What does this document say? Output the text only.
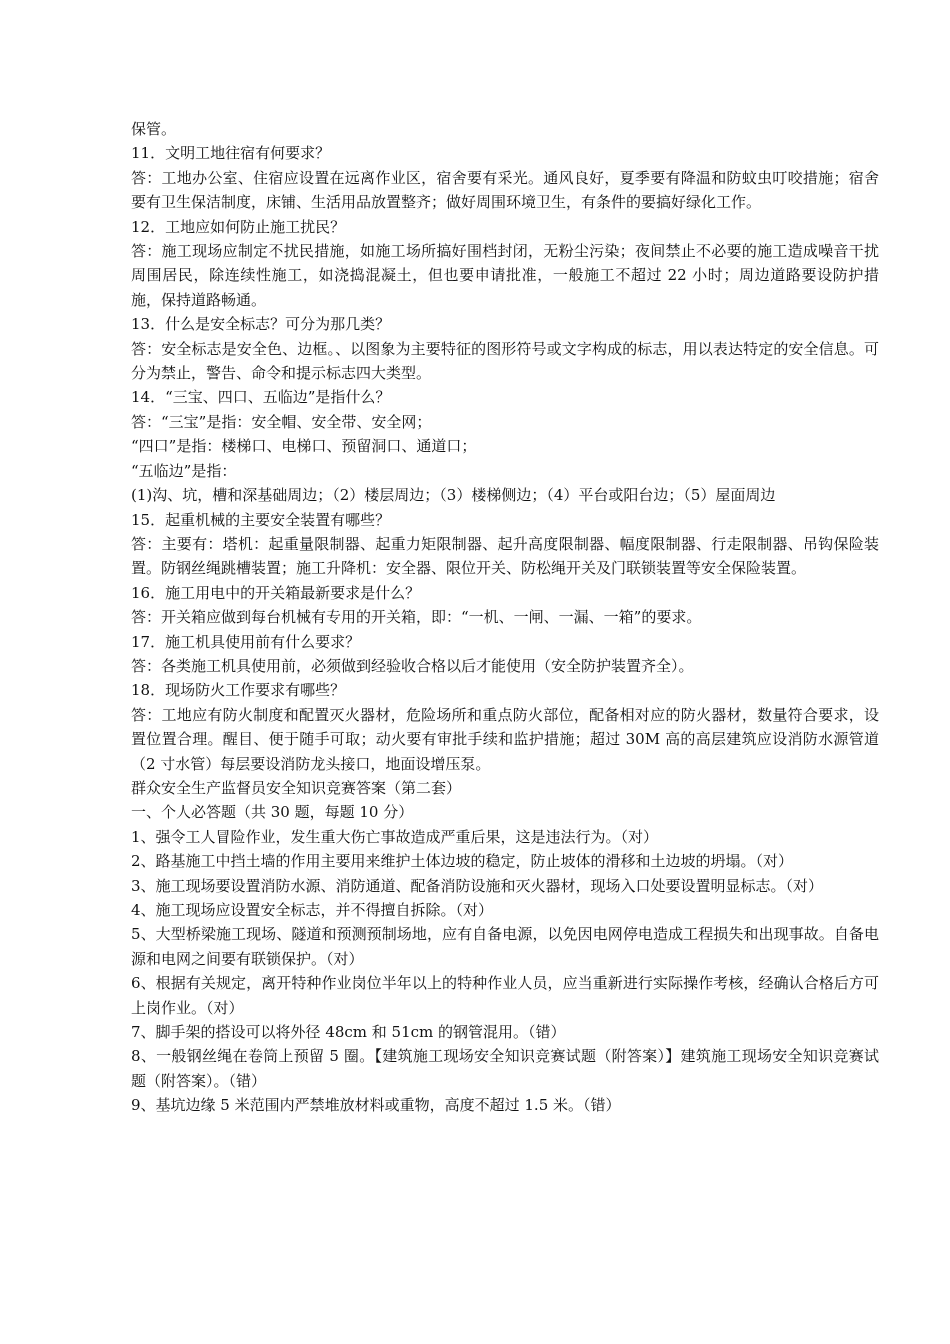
保管。

11．文明工地往宿有何要求？

答：工地办公室、住宿应设置在远离作业区，宿舍要有采光。通风良好，夏季要有降温和防蚊虫叮咬措施；宿舍要有卫生保洁制度，床铺、生活用品放置整齐；做好周围环境卫生，有条件的要搞好绿化工作。

12．工地应如何防止施工扰民？

答：施工现场应制定不扰民措施，如施工场所搞好围档封闭，无粉尘污染；夜间禁止不必要的施工造成噪音干扰周围居民，除连续性施工，如浇捣混凝土，但也要申请批准，一般施工不超过 22 小时；周边道路要设防护措施，保持道路畅通。

13．什么是安全标志？可分为那几类？

答：安全标志是安全色、边框。、以图象为主要特征的图形符号或文字构成的标志，用以表达特定的安全信息。可分为禁止，警告、命令和提示标志四大类型。

14．“三宝、四口、五临边”是指什么？

答：“三宝”是指：安全帽、安全带、安全网；

“四口”是指：楼梯口、电梯口、预留洞口、通道口；

“五临边”是指：

(1)沟、坑，槽和深基础周边；（2）楼层周边；（3）楼梯侧边；（4）平台或阳台边；（5）屋面周边

15．起重机械的主要安全装置有哪些？

答：主要有：塔机：起重量限制器、起重力矩限制器、起升高度限制器、幅度限制器、行走限制器、吊钩保险装置。防钢丝绳跳槽装置；施工升降机：安全器、限位开关、防松绳开关及门联锁装置等安全保险装置。

16．施工用电中的开关箱最新要求是什么？

答：开关箱应做到每台机械有专用的开关箱，即：“一机、一闸、一漏、一箱”的要求。

17．施工机具使用前有什么要求？

答：各类施工机具使用前，必须做到经验收合格以后才能使用（安全防护装置齐全）。

18．现场防火工作要求有哪些？

答：工地应有防火制度和配置灭火器材，危险场所和重点防火部位，配备相对应的防火器材，数量符合要求，设置位置合理。醒目、便于随手可取；动火要有审批手续和监护措施；超过 30M 高的高层建筑应设消防水源管道（2 寸水管）每层要设消防龙头接口，地面设增压泵。

群众安全生产监督员安全知识竞赛答案（第二套）

一、个人必答题（共 30 题，每题 10 分）

1、强令工人冒险作业，发生重大伤亡事故造成严重后果，这是违法行为。（对）

2、路基施工中挡土墙的作用主要用来维护土体边坡的稳定，防止坡体的滑移和土边坡的坍塌。（对）

3、施工现场要设置消防水源、消防通道、配备消防设施和灭火器材，现场入口处要设置明显标志。（对）

4、施工现场应设置安全标志，并不得擅自拆除。（对）

5、大型桥梁施工现场、隧道和预测预制场地，应有自备电源，以免因电网停电造成工程损失和出现事故。自备电源和电网之间要有联锁保护。（对）

6、根据有关规定，离开特种作业岗位半年以上的特种作业人员，应当重新进行实际操作考核，经确认合格后方可上岗作业。（对）

7、脚手架的搭设可以将外径 48cm 和 51cm 的钢管混用。（错）

8、一般钢丝绳在卷筒上预留 5 圈。【建筑施工现场安全知识竞赛试题（附答案）】建筑施工现场安全知识竞赛试题（附答案）。（错）

9、基坑边缘 5 米范围内严禁堆放材料或重物，高度不超过 1.5 米。（错）
